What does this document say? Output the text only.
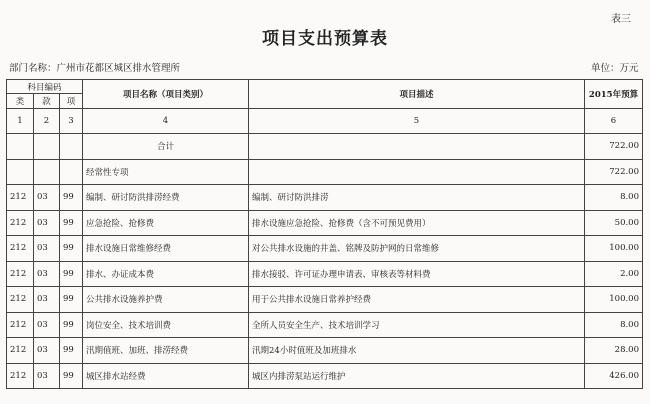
表三
项目支出预算表
部门名称：广州市花都区城区排水管理所	单位：万元
科目编码			项目名称（项目类别）	项目描述	2015年预算
类	款	项			
1	2	3	4	5	6
			合计		722.00
			经常性专项		722.00
212	03	99	编制、研讨防洪排涝经费	编制、研讨防洪排涝	8.00
212	03	99	应急抢险、抢修费	排水设施应急抢险、抢修费（含不可预见费用）	50.00
212	03	99	排水设施日常维修经费	对公共排水设施的井盖、铭牌及防护网的日常维修	100.00
212	03	99	排水、办证成本费	排水接驳、许可证办理申请表、审核表等材料费	2.00
212	03	99	公共排水设施养护费	用于公共排水设施日常养护经费	100.00
212	03	99	岗位安全、技术培训费	全所人员安全生产、技术培训学习	8.00
212	03	99	汛期值班、加班、排涝经费	汛期24小时值班及加班排水	28.00
212	03	99	城区排水站经费	城区内排涝泵站运行维护	426.00
